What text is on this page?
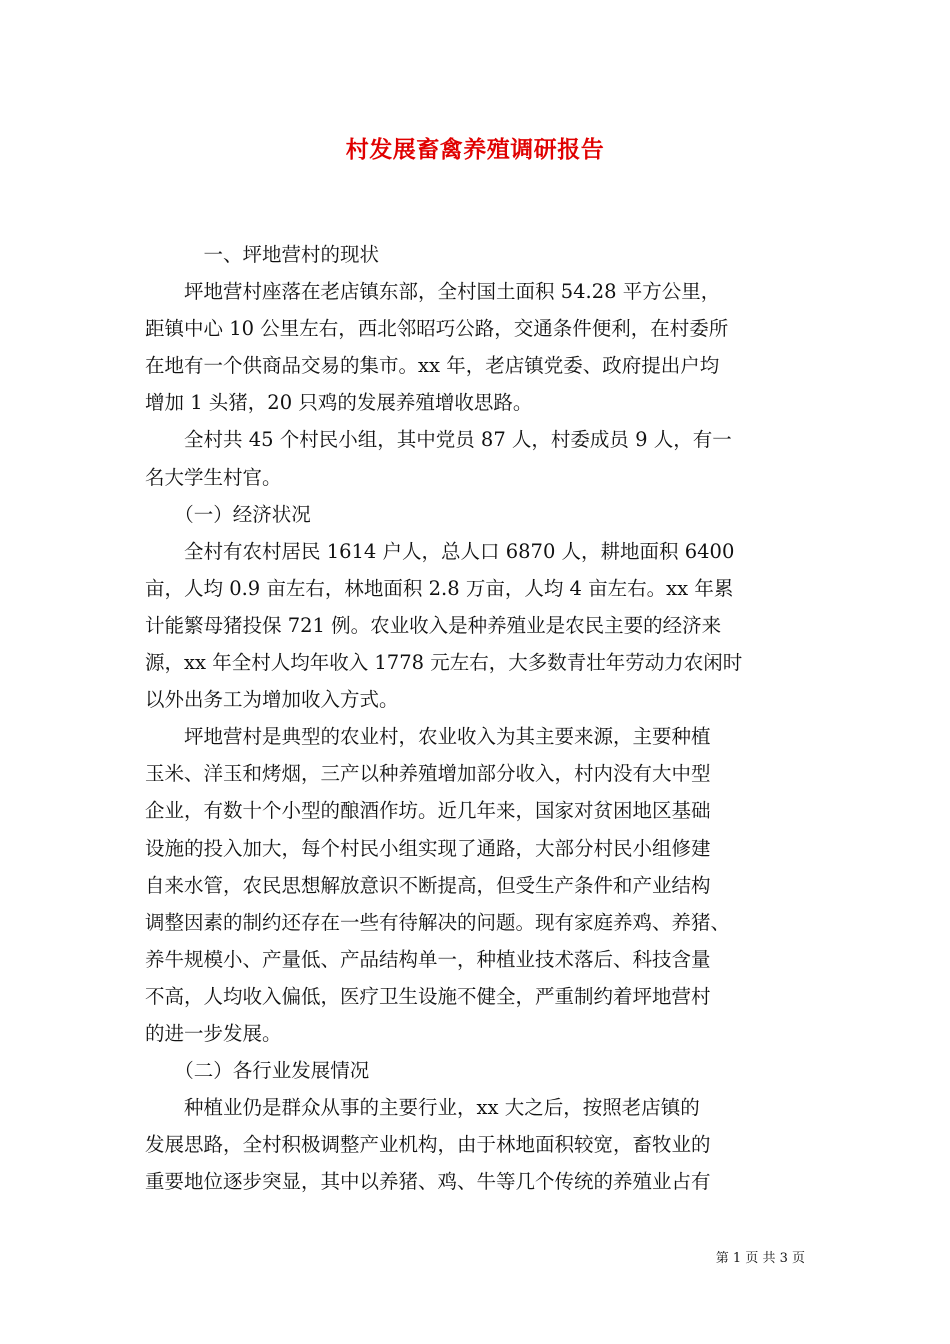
村发展畜禽养殖调研报告
　　　一、坪地营村的现状
　　坪地营村座落在老店镇东部，全村国土面积 54.28 平方公里，
距镇中心 10 公里左右，西北邻昭巧公路，交通条件便利，在村委所
在地有一个供商品交易的集市。xx 年，老店镇党委、政府提出户均
增加 1 头猪，20 只鸡的发展养殖增收思路。
　　全村共 45 个村民小组，其中党员 87 人，村委成员 9 人，有一
名大学生村官。
　　（一）经济状况
　　全村有农村居民 1614 户人，总人口 6870 人，耕地面积 6400
亩，人均 0.9 亩左右，林地面积 2.8 万亩，人均 4 亩左右。xx 年累
计能繁母猪投保 721 例。农业收入是种养殖业是农民主要的经济来
源，xx 年全村人均年收入 1778 元左右，大多数青壮年劳动力农闲时
以外出务工为增加收入方式。
　　坪地营村是典型的农业村，农业收入为其主要来源，主要种植
玉米、洋玉和烤烟，三产以种养殖增加部分收入，村内没有大中型
企业，有数十个小型的酿酒作坊。近几年来，国家对贫困地区基础
设施的投入加大，每个村民小组实现了通路，大部分村民小组修建
自来水管，农民思想解放意识不断提高，但受生产条件和产业结构
调整因素的制约还存在一些有待解决的问题。现有家庭养鸡、养猪、
养牛规模小、产量低、产品结构单一，种植业技术落后、科技含量
不高，人均收入偏低，医疗卫生设施不健全，严重制约着坪地营村
的进一步发展。
　　（二）各行业发展情况
　　种植业仍是群众从事的主要行业，xx 大之后，按照老店镇的
发展思路，全村积极调整产业机构，由于林地面积较宽，畜牧业的
重要地位逐步突显，其中以养猪、鸡、牛等几个传统的养殖业占有
第 1 页 共 3 页
